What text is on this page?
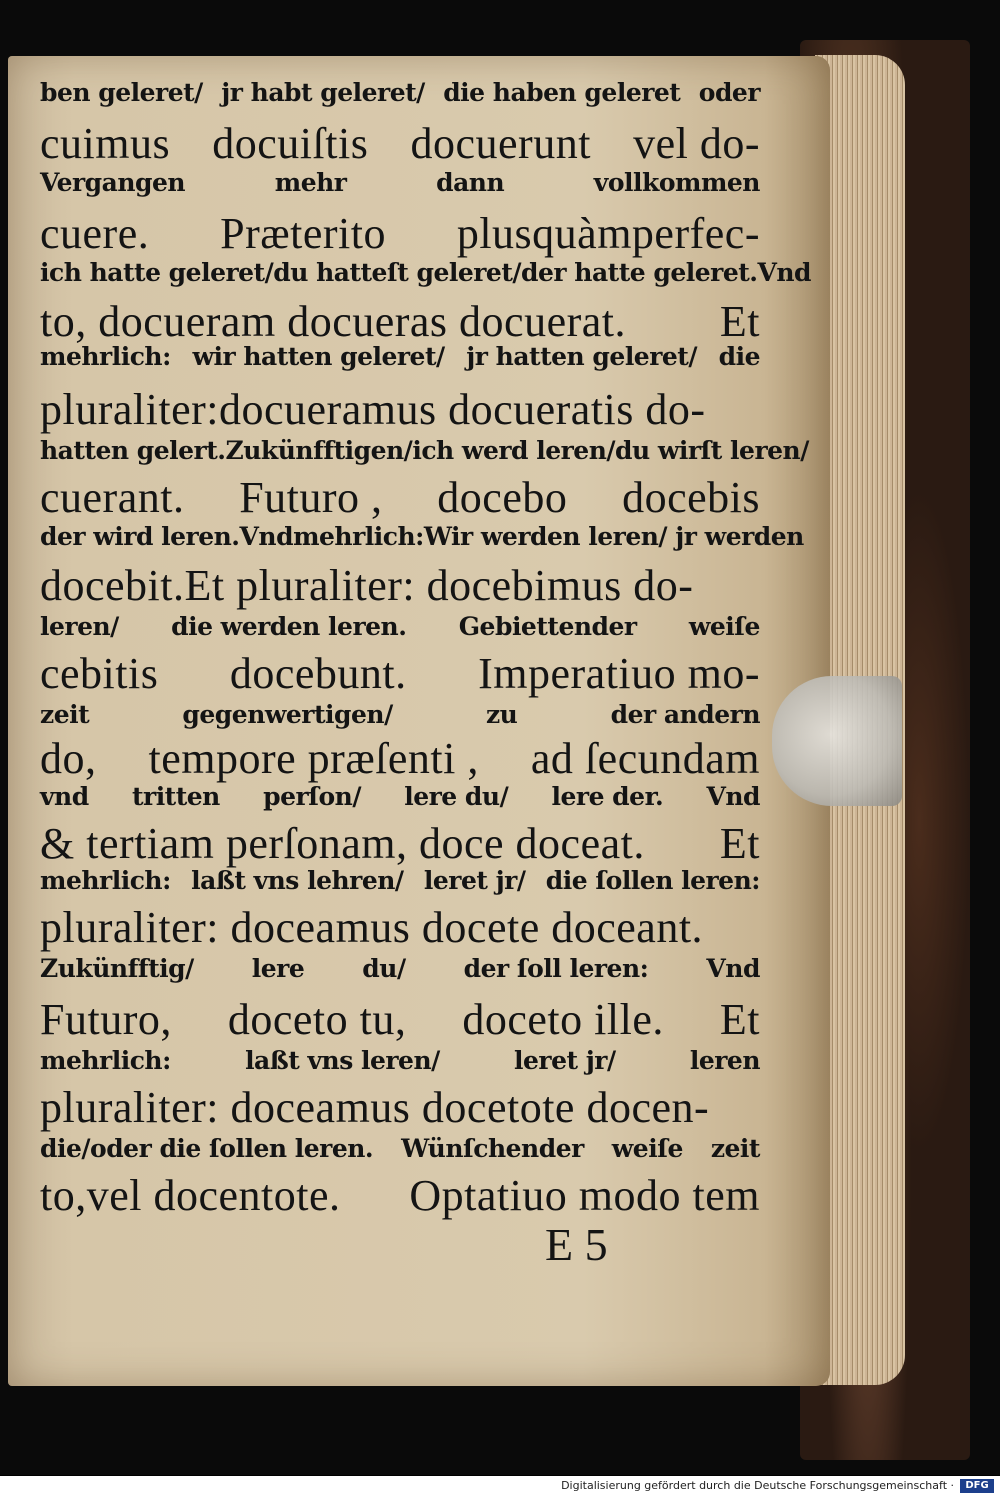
ben geleret/ jr habt geleret/ die haben geleret oder
cuimus docuiſtis docuerunt vel do-
Vergangen	mehr	dann	vollkommen
cuere. Præterito plusquàmperfec-
ich hatte geleret/du hatteſt geleret/der hatte geleret. Vnd
to, docueram docueras docuerat. Et
mehrlich: wir hatten geleret/ jr hatten geleret/ die
pluraliter:docueramus docueratis do-
hatten gelert. Zukünfftigen/ ich werd leren/ du wirſt leren/
cuerant. Futuro , docebo docebis
der wird leren.Vnd mehrlich:Wir werden leren/ jr werden
docebit.Et pluraliter: docebimus do-
leren/ die werden leren. Gebiettender weiſe
cebitis docebunt. Imperatiuo mo-
zeit	gegenwertigen/	zu	der andern
do, tempore præſenti , ad ſecundam
vnd tritten perſon/ lere du/ lere der. Vnd
& tertiam perſonam, doce doceat. Et
mehrlich: laßt vns lehren/ leret jr/ die ſollen leren:
pluraliter: doceamus docete doceant.
Zukünfftig/ lere du/ der ſoll leren: Vnd
Futuro, doceto tu, doceto ille. Et
mehrlich:	laßt vns leren/	leret jr/	leren
pluraliter: doceamus docetote docen-
die/oder die ſollen leren. Wünſchender weiſe zeit
to,vel docentote. Optatiuo modo tem
E 5
Digitalisierung gefördert durch die Deutsche Forschungsgemeinschaft ·	DFG
